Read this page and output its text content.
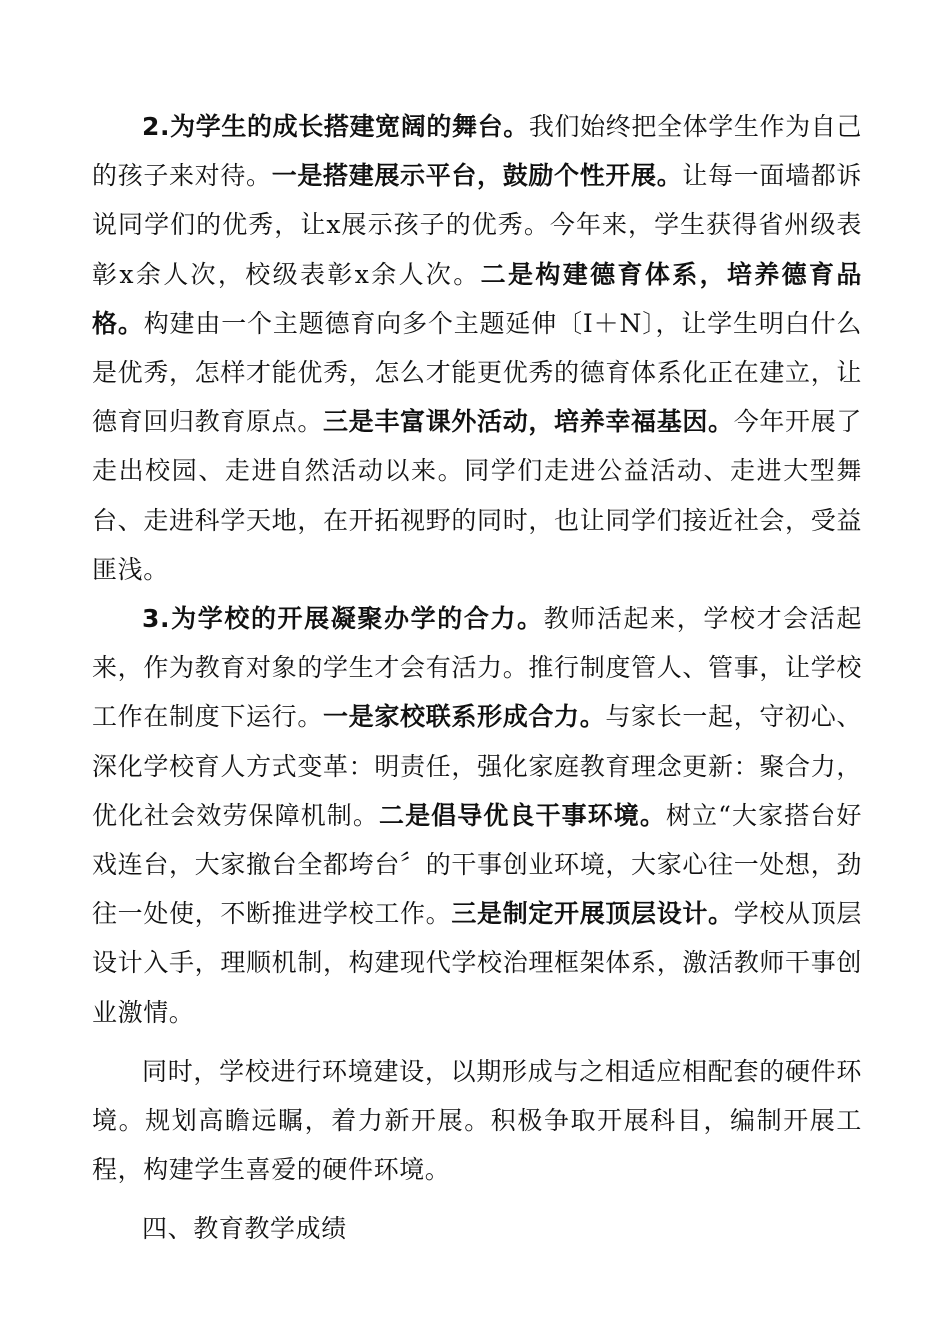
2.为学生的成长搭建宽阔的舞台。我们始终把全体学生作为自己的孩子来对待。一是搭建展示平台，鼓励个性开展。让每一面墙都诉说同学们的优秀，让x展示孩子的优秀。今年来，学生获得省州级表彰x余人次，校级表彰x余人次。二是构建德育体系，培养德育品格。构建由一个主题德育向多个主题延伸〔I＋N〕，让学生明白什么是优秀，怎样才能优秀，怎么才能更优秀的德育体系化正在建立，让德育回归教育原点。三是丰富课外活动，培养幸福基因。今年开展了走出校园、走进自然活动以来。同学们走进公益活动、走进大型舞台、走进科学天地，在开拓视野的同时，也让同学们接近社会，受益匪浅。

3.为学校的开展凝聚办学的合力。教师活起来，学校才会活起来，作为教育对象的学生才会有活力。推行制度管人、管事，让学校工作在制度下运行。一是家校联系形成合力。与家长一起，守初心、深化学校育人方式变革：明责任，强化家庭教育理念更新：聚合力，优化社会效劳保障机制。二是倡导优良干事环境。树立“大家搭台好戏连台，大家撤台全都垮台〞的干事创业环境，大家心往一处想，劲往一处使，不断推进学校工作。三是制定开展顶层设计。学校从顶层设计入手，理顺机制，构建现代学校治理框架体系，激活教师干事创业激情。

同时，学校进行环境建设，以期形成与之相适应相配套的硬件环境。规划高瞻远瞩，着力新开展。积极争取开展科目，编制开展工程，构建学生喜爱的硬件环境。

四、教育教学成绩
